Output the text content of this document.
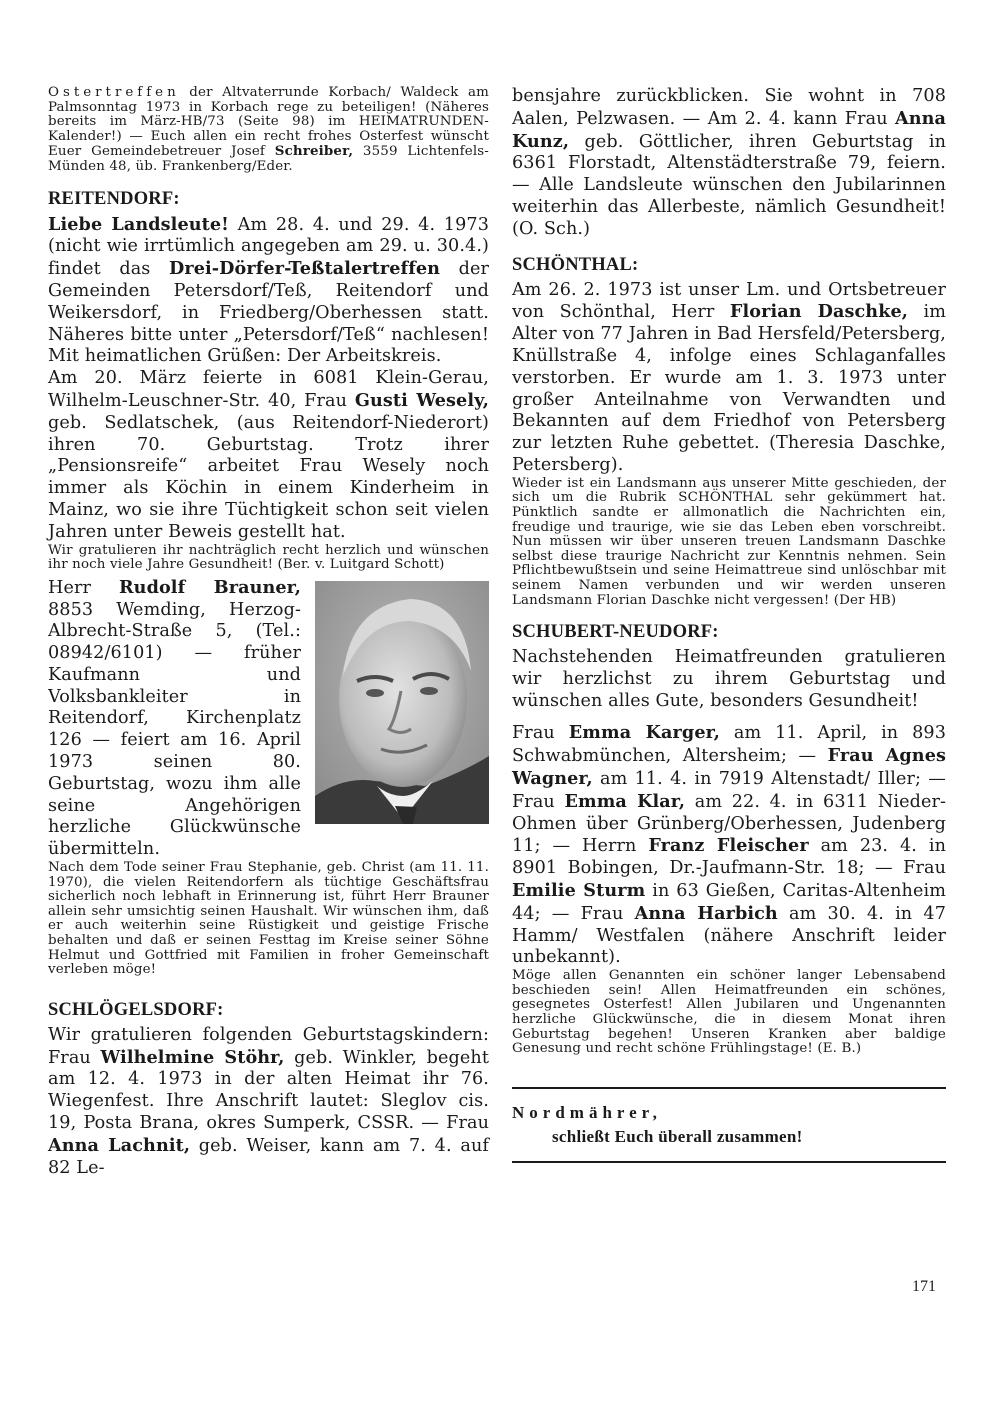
Ostertreffen der Altvaterrunde Korbach/ Waldeck am Palmsonntag 1973 in Korbach rege zu beteiligen! (Näheres bereits im März-HB/73 (Seite 98) im HEIMATRUNDEN-Kalender!) — Euch allen ein recht frohes Osterfest wünscht Euer Gemeindebetreuer Josef Schreiber, 3559 Lichtenfels-Münden 48, üb. Frankenberg/Eder.

REITENDORF:

Liebe Landsleute! Am 28. 4. und 29. 4. 1973 (nicht wie irrtümlich angegeben am 29. u. 30.4.) findet das Drei-Dörfer-Teßtalertreffen der Gemeinden Petersdorf/Teß, Reitendorf und Weikersdorf, in Friedberg/Oberhessen statt. Näheres bitte unter „Petersdorf/Teß“ nachlesen! Mit heimatlichen Grüßen: Der Arbeitskreis.

Am 20. März feierte in 6081 Klein-Gerau, Wilhelm-Leuschner-Str. 40, Frau Gusti Wesely, geb. Sedlatschek, (aus Reitendorf-Niederort) ihren 70. Geburtstag. Trotz ihrer „Pensionsreife“ arbeitet Frau Wesely noch immer als Köchin in einem Kinderheim in Mainz, wo sie ihre Tüchtigkeit schon seit vielen Jahren unter Beweis gestellt hat.

Wir gratulieren ihr nachträglich recht herzlich und wünschen ihr noch viele Jahre Gesundheit! (Ber. v. Luitgard Schott)

Herr Rudolf Brauner, 8853 Wemding, Herzog-Albrecht-Straße 5, (Tel.: 08942/6101) — früher Kaufmann und Volksbankleiter in Reitendorf, Kirchenplatz 126 — feiert am 16. April 1973 seinen 80. Geburtstag, wozu ihm alle seine Angehörigen herzliche Glückwünsche übermitteln.

Nach dem Tode seiner Frau Stephanie, geb. Christ (am 11. 11. 1970), die vielen Reitendorfern als tüchtige Geschäftsfrau sicherlich noch lebhaft in Erinnerung ist, führt Herr Brauner allein sehr umsichtig seinen Haushalt. Wir wünschen ihm, daß er auch weiterhin seine Rüstigkeit und geistige Frische behalten und daß er seinen Festtag im Kreise seiner Söhne Helmut und Gottfried mit Familien in froher Gemeinschaft verleben möge!

SCHLÖGELSDORF:

Wir gratulieren folgenden Geburtstagskindern: Frau Wilhelmine Stöhr, geb. Winkler, begeht am 12. 4. 1973 in der alten Heimat ihr 76. Wiegenfest. Ihre Anschrift lautet: Sleglov cis. 19, Posta Brana, okres Sumperk, CSSR. — Frau Anna Lachnit, geb. Weiser, kann am 7. 4. auf 82 Le-

bensjahre zurückblicken. Sie wohnt in 708 Aalen, Pelzwasen. — Am 2. 4. kann Frau Anna Kunz, geb. Göttlicher, ihren Geburtstag in 6361 Florstadt, Altenstädterstraße 79, feiern. — Alle Landsleute wünschen den Jubilarinnen weiterhin das Allerbeste, nämlich Gesundheit! (O. Sch.)

SCHÖNTHAL:

Am 26. 2. 1973 ist unser Lm. und Ortsbetreuer von Schönthal, Herr Florian Daschke, im Alter von 77 Jahren in Bad Hersfeld/Petersberg, Knüllstraße 4, infolge eines Schlaganfalles verstorben. Er wurde am 1. 3. 1973 unter großer Anteilnahme von Verwandten und Bekannten auf dem Friedhof von Petersberg zur letzten Ruhe gebettet. (Theresia Daschke, Petersberg).

Wieder ist ein Landsmann aus unserer Mitte geschieden, der sich um die Rubrik SCHÖNTHAL sehr gekümmert hat. Pünktlich sandte er allmonatlich die Nachrichten ein, freudige und traurige, wie sie das Leben eben vorschreibt. Nun müssen wir über unseren treuen Landsmann Daschke selbst diese traurige Nachricht zur Kenntnis nehmen. Sein Pflichtbewußtsein und seine Heimattreue sind unlöschbar mit seinem Namen verbunden und wir werden unseren Landsmann Florian Daschke nicht vergessen! (Der HB)

SCHUBERT-NEUDORF:

Nachstehenden Heimatfreunden gratulieren wir herzlichst zu ihrem Geburtstag und wünschen alles Gute, besonders Gesundheit!

Frau Emma Karger, am 11. April, in 893 Schwabmünchen, Altersheim; — Frau Agnes Wagner, am 11. 4. in 7919 Altenstadt/ Iller; — Frau Emma Klar, am 22. 4. in 6311 Nieder-Ohmen über Grünberg/Oberhessen, Judenberg 11; — Herrn Franz Fleischer am 23. 4. in 8901 Bobingen, Dr.-Jaufmann-Str. 18; — Frau Emilie Sturm in 63 Gießen, Caritas-Altenheim 44; — Frau Anna Harbich am 30. 4. in 47 Hamm/ Westfalen (nähere Anschrift leider unbekannt).

Möge allen Genannten ein schöner langer Lebensabend beschieden sein! Allen Heimatfreunden ein schönes, gesegnetes Osterfest! Allen Jubilaren und Ungenannten herzliche Glückwünsche, die in diesem Monat ihren Geburtstag begehen! Unseren Kranken aber baldige Genesung und recht schöne Frühlingstage! (E. B.)

Nordmährer,
schließt Euch überall zusammen!
171
